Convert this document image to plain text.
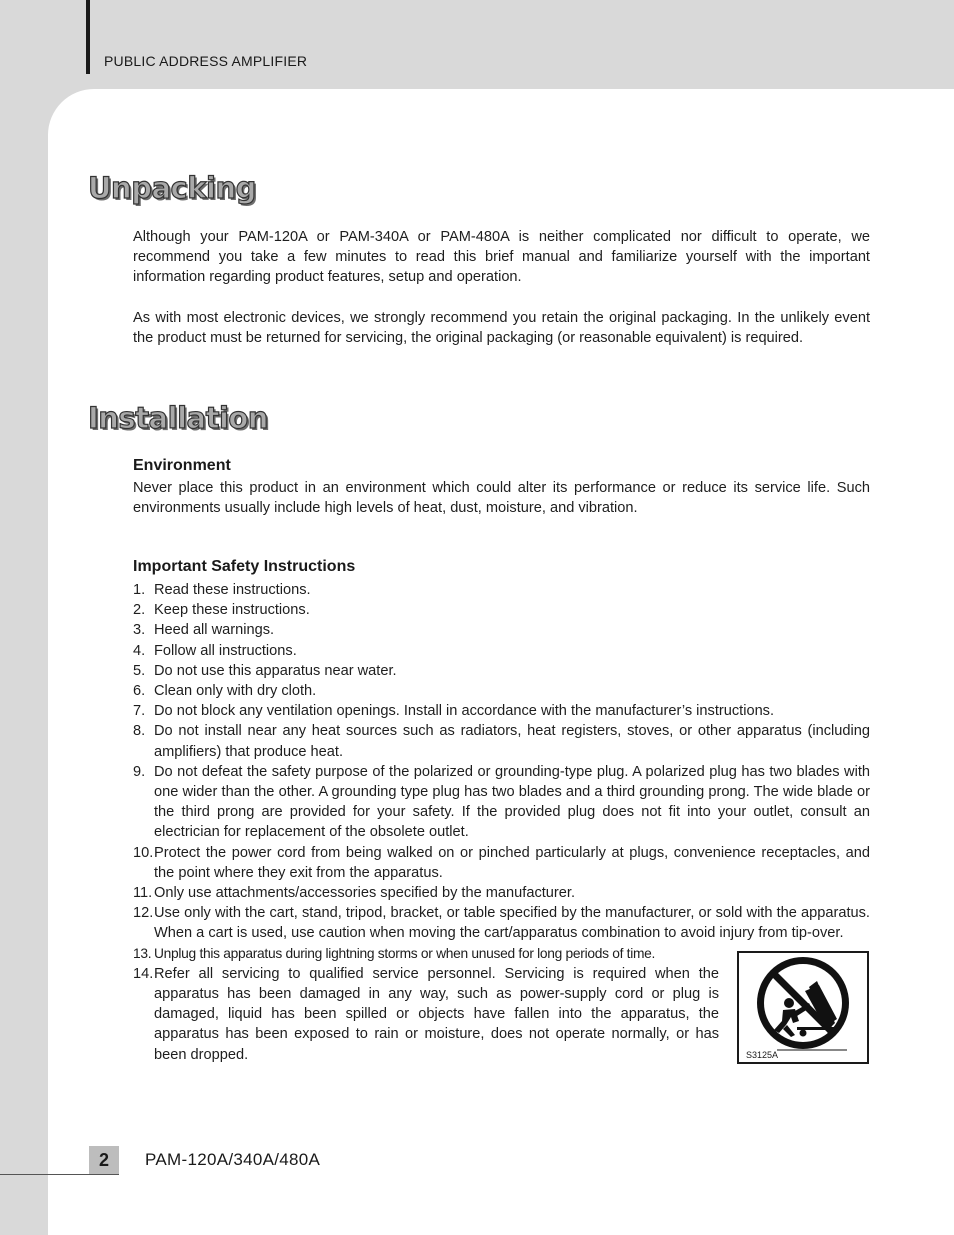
PUBLIC ADDRESS AMPLIFIER
Unpacking

Although your PAM-120A or PAM-340A or PAM-480A is neither complicated nor difficult to operate, we recommend you take a few minutes to read this brief manual and familiarize yourself with the important information regarding product features, setup and operation.

As with most electronic devices, we strongly recommend you retain the original packaging. In the unlikely event the product must be returned for servicing, the original packaging (or reasonable equivalent) is required.

Installation
Environment

Never place this product in an environment which could alter its performance or reduce its service life. Such environments usually include high levels of heat, dust, moisture, and vibration.

Important Safety Instructions
1. Read these instructions.
2. Keep these instructions.
3. Heed all warnings.
4. Follow all instructions.
5. Do not use this apparatus near water.
6. Clean only with dry cloth.
7. Do not block any ventilation openings. Install in accordance with the manufacturer’s instructions.
8. Do not install near any heat sources such as radiators, heat registers, stoves, or other apparatus (including amplifiers) that produce heat.
9. Do not defeat the safety purpose of the polarized or grounding-type plug. A polarized plug has two blades with one wider than the other. A grounding type plug has two blades and a third grounding prong. The wide blade or the third prong are provided for your safety. If the provided plug does not fit into your outlet, consult an electrician for replacement of the obsolete outlet.
10. Protect the power cord from being walked on or pinched particularly at plugs, convenience receptacles, and the point where they exit from the apparatus.
11. Only use attachments/accessories specified by the manufacturer.
12. Use only with the cart, stand, tripod, bracket, or table specified by the manufacturer, or sold with the apparatus. When a cart is used, use caution when moving the cart/apparatus combination to avoid injury from tip-over.
13. Unplug this apparatus during lightning storms or when unused for long periods of time.
14. Refer all servicing to qualified service personnel. Servicing is required when the apparatus has been damaged in any way, such as power-supply cord or plug is damaged, liquid has been spilled or objects have fallen into the apparatus, the apparatus has been exposed to rain or moisture, does not operate normally, or has been dropped.	S3125A
2	PAM-120A/340A/480A
